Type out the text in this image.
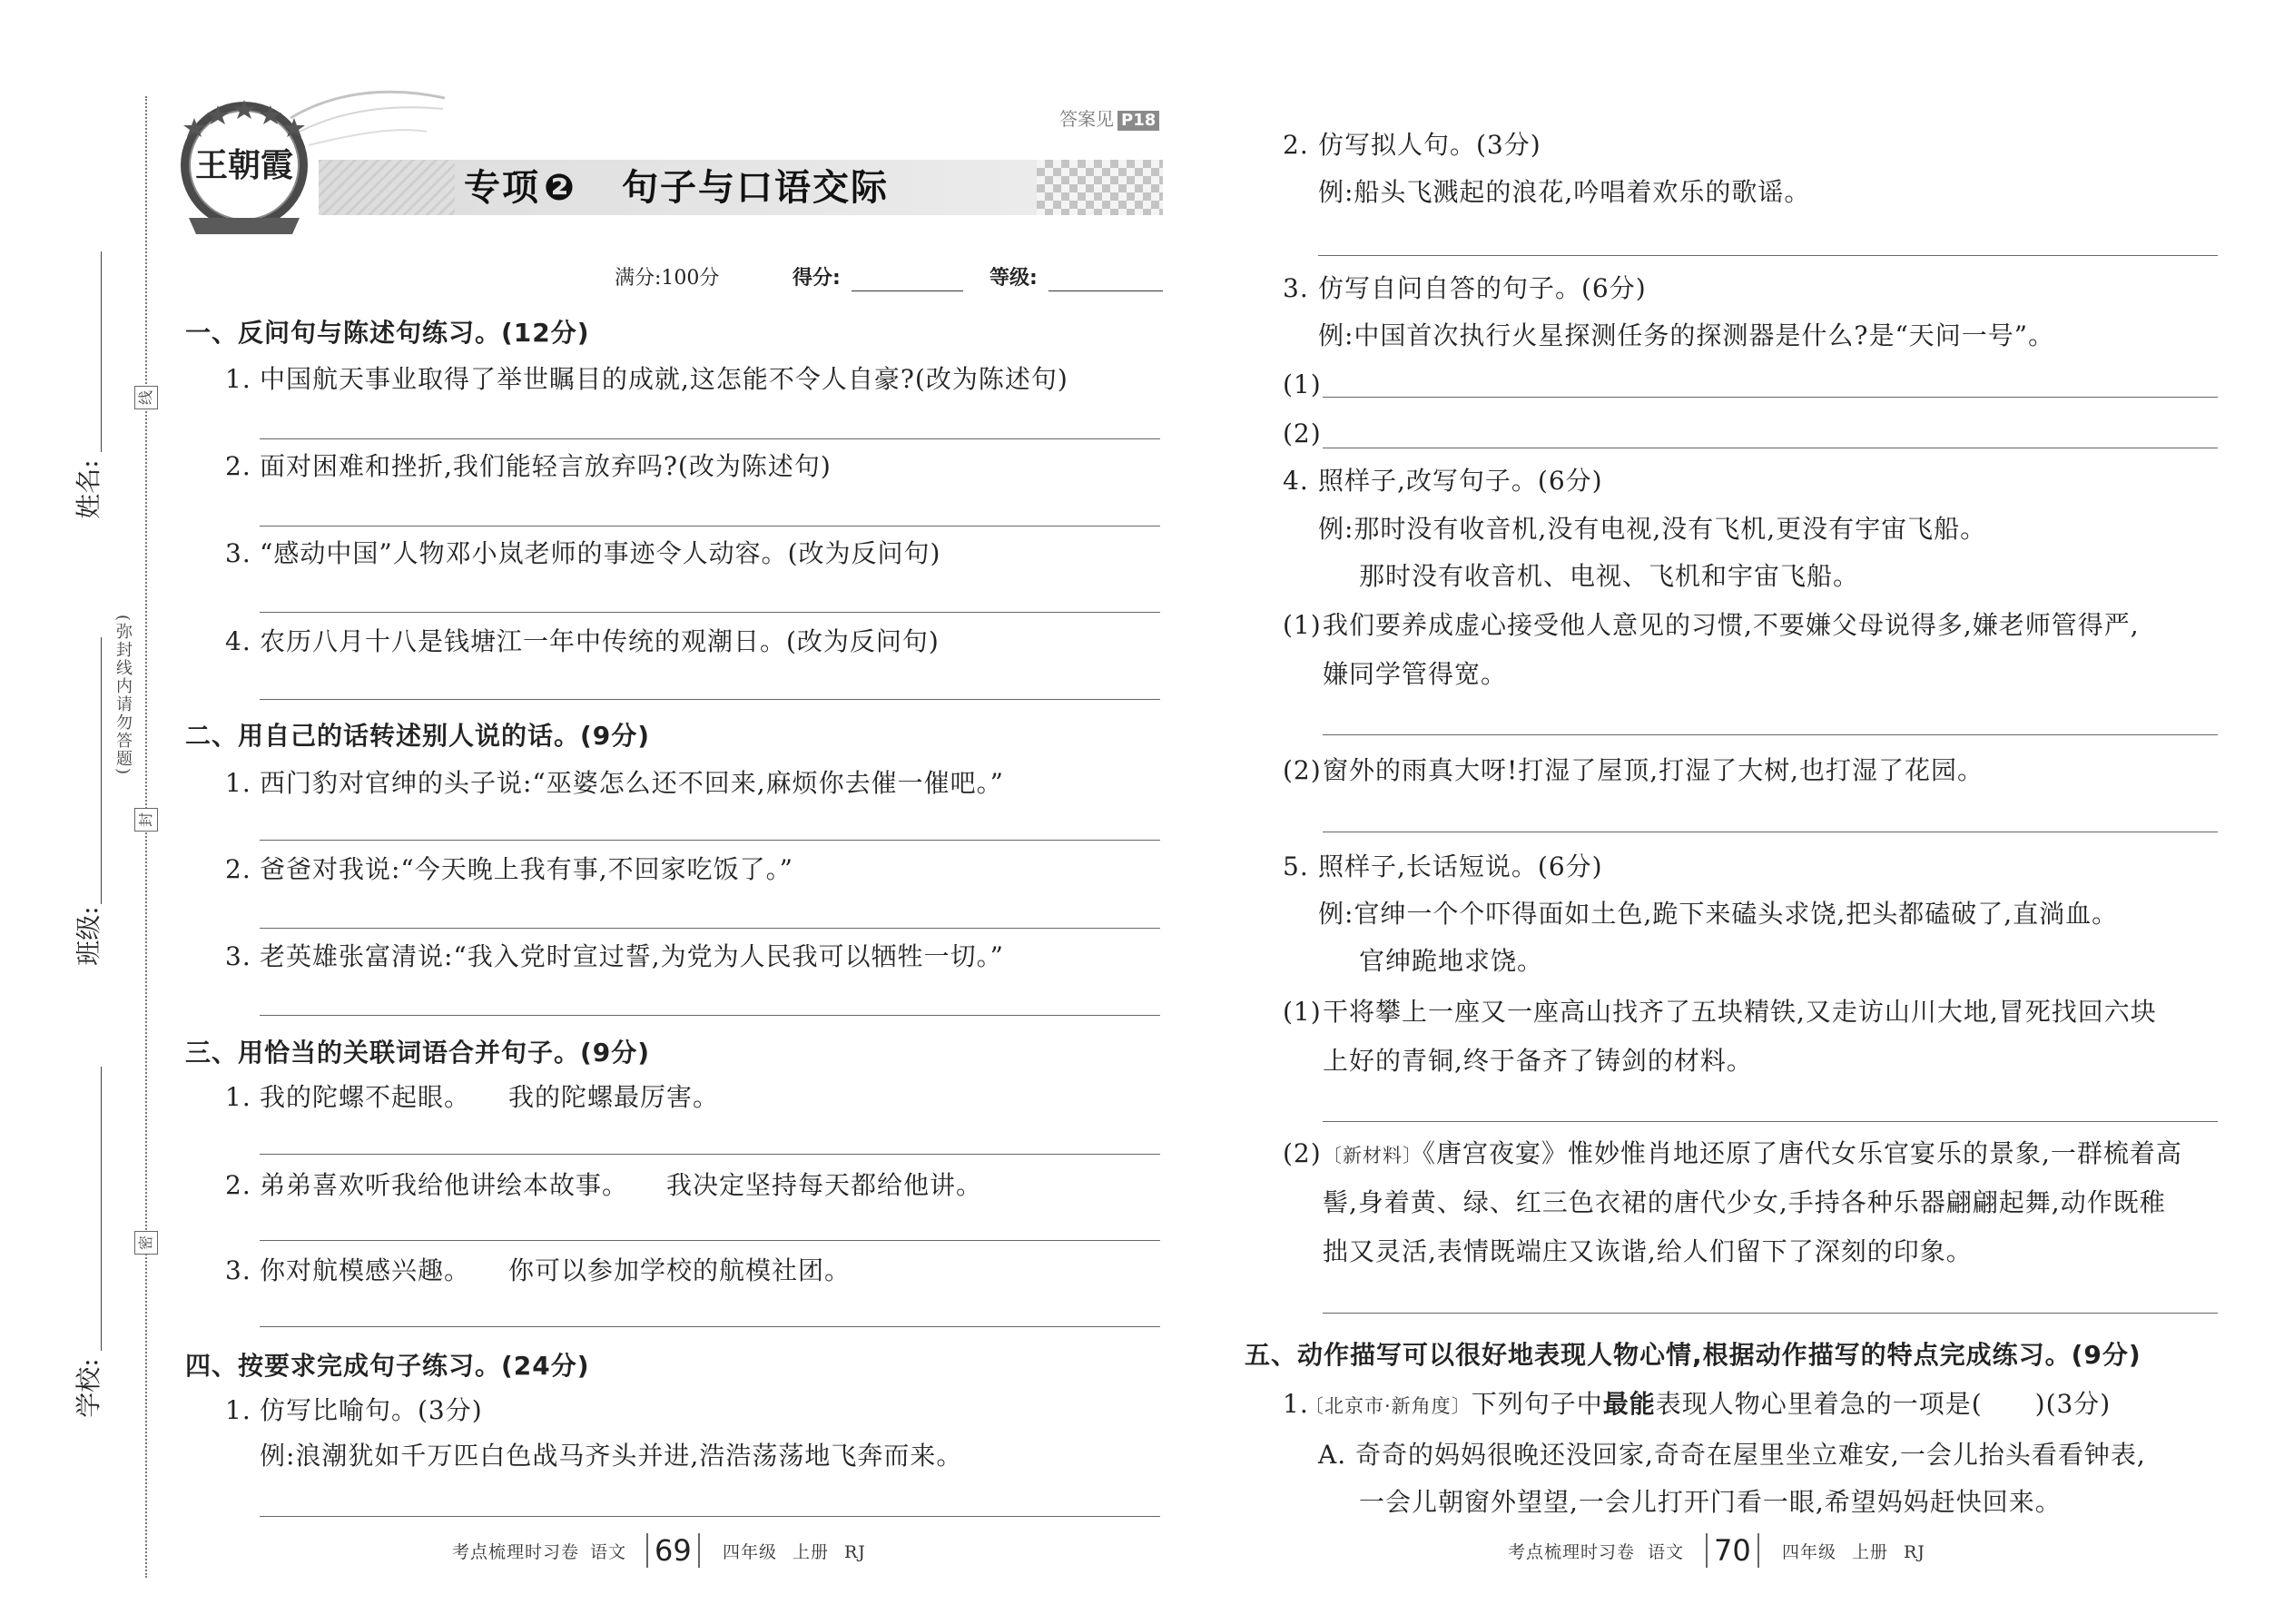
线
封
密
(弥封线内请勿答题)
姓名:
班级:
学校:
王朝霞
答案见 P18
专项 ❷ 句子与口语交际
满分:100分	得分:	等级:
一、反问句与陈述句练习。(12分)
1. 中国航天事业取得了举世瞩目的成就,这怎能不令人自豪?(改为陈述句)
2. 面对困难和挫折,我们能轻言放弃吗?(改为陈述句)
3. “感动中国”人物邓小岚老师的事迹令人动容。(改为反问句)
4. 农历八月十八是钱塘江一年中传统的观潮日。(改为反问句)
二、用自己的话转述别人说的话。(9分)
1. 西门豹对官绅的头子说:“巫婆怎么还不回来,麻烦你去催一催吧。”
2. 爸爸对我说:“今天晚上我有事,不回家吃饭了。”
3. 老英雄张富清说:“我入党时宣过誓,为党为人民我可以牺牲一切。”
三、用恰当的关联词语合并句子。(9分)
1. 我的陀螺不起眼。 我的陀螺最厉害。
2. 弟弟喜欢听我给他讲绘本故事。 我决定坚持每天都给他讲。
3. 你对航模感兴趣。 你可以参加学校的航模社团。
四、按要求完成句子练习。(24分)
1. 仿写比喻句。(3分)
例:浪潮犹如千万匹白色战马齐头并进,浩浩荡荡地飞奔而来。
考点梳理时习卷 语文 69	四年级 上册 RJ
2. 仿写拟人句。(3分)
例:船头飞溅起的浪花,吟唱着欢乐的歌谣。
3. 仿写自问自答的句子。(6分)
例:中国首次执行火星探测任务的探测器是什么?是“天问一号”。
(1)
(2)
4. 照样子,改写句子。(6分)
例:那时没有收音机,没有电视,没有飞机,更没有宇宙飞船。
那时没有收音机、电视、飞机和宇宙飞船。
(1)我们要养成虚心接受他人意见的习惯,不要嫌父母说得多,嫌老师管得严,
嫌同学管得宽。
(2)窗外的雨真大呀!打湿了屋顶,打湿了大树,也打湿了花园。
5. 照样子,长话短说。(6分)
例:官绅一个个吓得面如土色,跪下来磕头求饶,把头都磕破了,直淌血。
官绅跪地求饶。
(1)干将攀上一座又一座高山找齐了五块精铁,又走访山川大地,冒死找回六块
上好的青铜,终于备齐了铸剑的材料。
(2)〔新材料〕《唐宫夜宴》惟妙惟肖地还原了唐代女乐官宴乐的景象,一群梳着高
髻,身着黄、绿、红三色衣裙的唐代少女,手持各种乐器翩翩起舞,动作既稚
拙又灵活,表情既端庄又诙谐,给人们留下了深刻的印象。
五、动作描写可以很好地表现人物心情,根据动作描写的特点完成练习。(9分)
1.〔北京市·新角度〕下列句子中最能表现人物心里着急的一项是(　　)(3分)
A. 奇奇的妈妈很晚还没回家,奇奇在屋里坐立难安,一会儿抬头看看钟表,
一会儿朝窗外望望,一会儿打开门看一眼,希望妈妈赶快回来。
考点梳理时习卷 语文 70	四年级 上册 RJ
